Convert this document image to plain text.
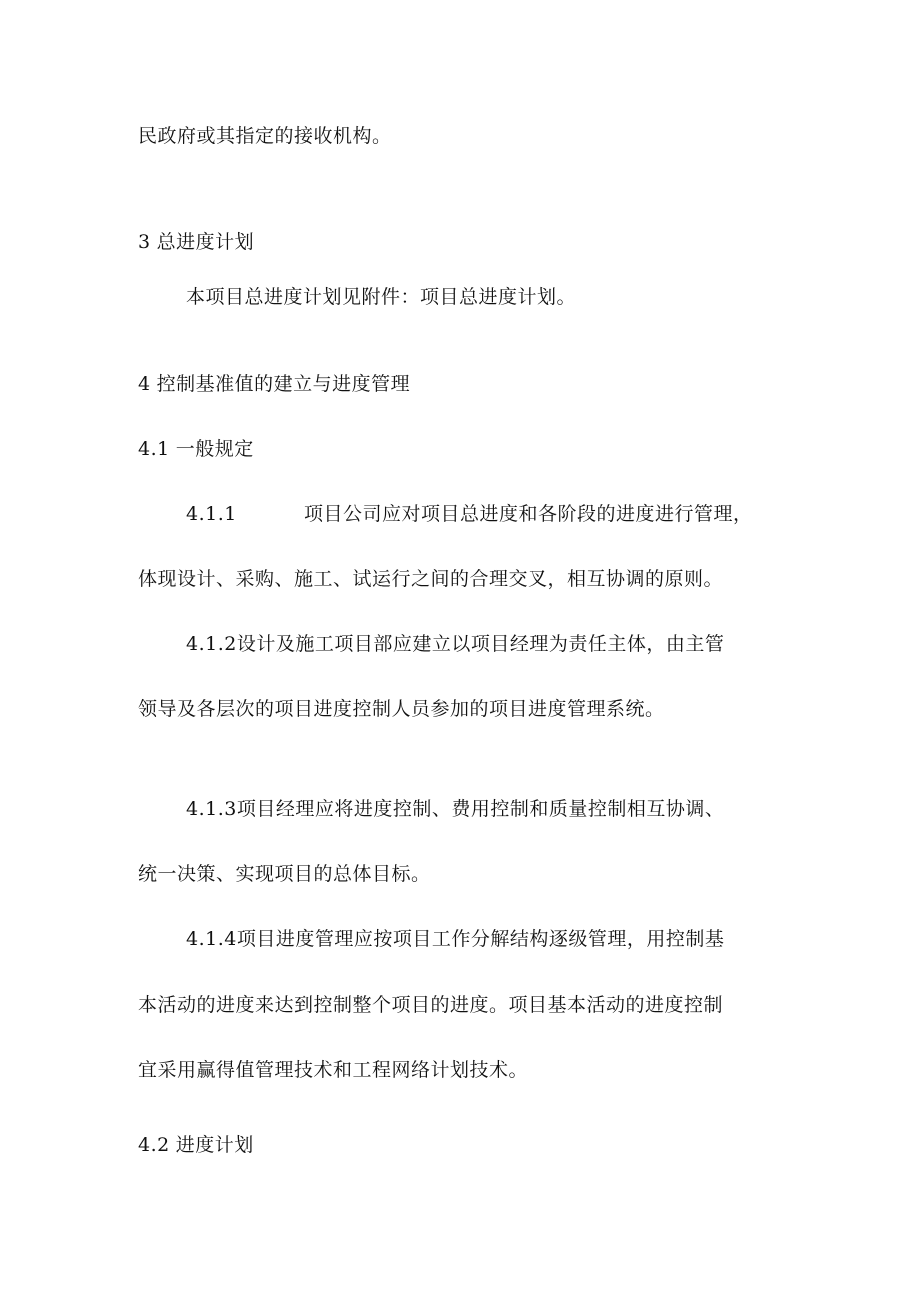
民政府或其指定的接收机构。
3 总进度计划
本项目总进度计划见附件：项目总进度计划。
4 控制基准值的建立与进度管理
4.1 一般规定
4.1.1	项目公司应对项目总进度和各阶段的进度进行管理，
体现设计、采购、施工、试运行之间的合理交叉，相互协调的原则。
4.1.2设计及施工项目部应建立以项目经理为责任主体，由主管
领导及各层次的项目进度控制人员参加的项目进度管理系统。
4.1.3项目经理应将进度控制、费用控制和质量控制相互协调、
统一决策、实现项目的总体目标。
4.1.4项目进度管理应按项目工作分解结构逐级管理，用控制基
本活动的进度来达到控制整个项目的进度。项目基本活动的进度控制
宜采用赢得值管理技术和工程网络计划技术。
4.2 进度计划
